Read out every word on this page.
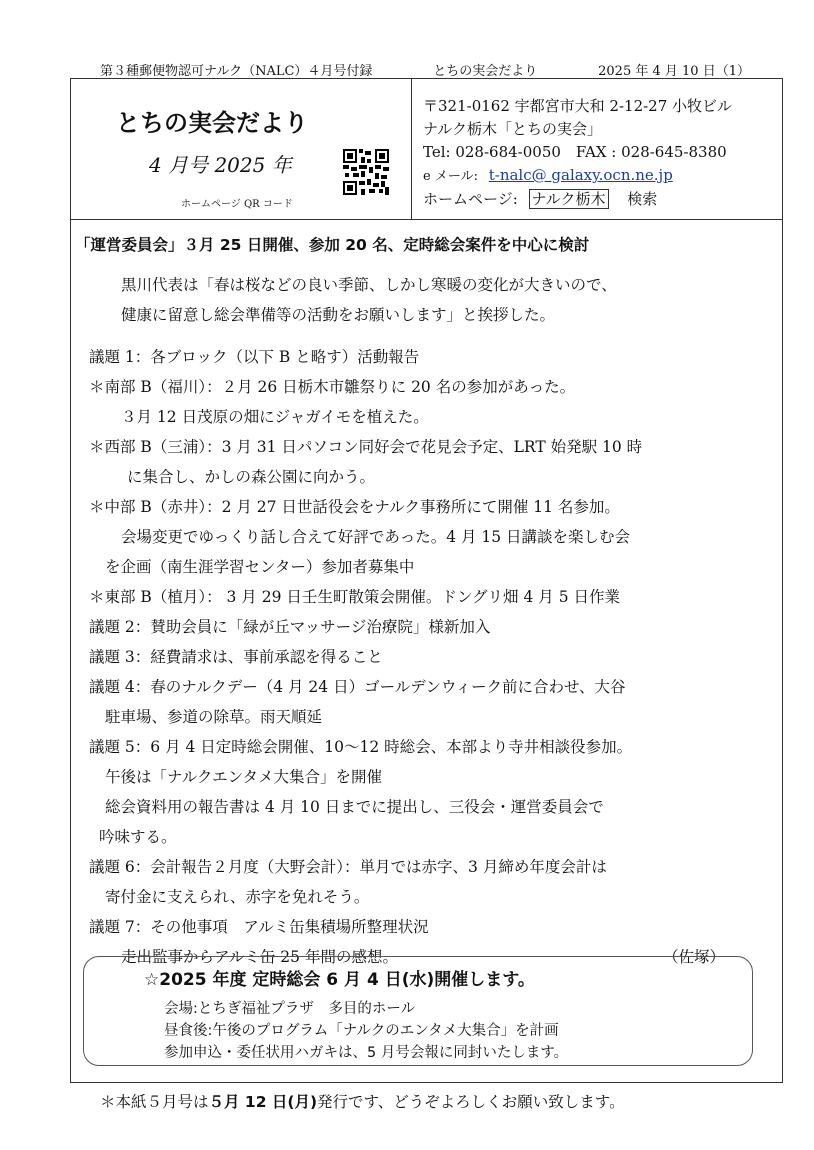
第３種郵便物認可ナルク（NALC）４月号付録	とちの実会だより	2025 年 4 月 10 日（1）
とちの実会だより
4 月号 2025 年
ホームページ QR コード
〒321-0162 宇都宮市大和 2-12-27 小牧ビル
ナルク栃木「とちの実会」
Tel: 028-684-0050　FAX : 028-645-8380
e メール: t-nalc@ galaxy.ocn.ne.jp
ホームページ: ナルク栃木 検索
「運営委員会」３月 25 日開催、参加 20 名、定時総会案件を中心に検討
黒川代表は「春は桜などの良い季節、しかし寒暖の変化が大きいので、
健康に留意し総会準備等の活動をお願いします」と挨拶した。
議題 1：各ブロック（以下 B と略す）活動報告
＊南部 B（福川）：２月 26 日栃木市雛祭りに 20 名の参加があった。
３月 12 日茂原の畑にジャガイモを植えた。
＊西部 B（三浦）：3 月 31 日パソコン同好会で花見会予定、LRT 始発駅 10 時
に集合し、かしの森公園に向かう。
＊中部 B（赤井）：2 月 27 日世話役会をナルク事務所にて開催 11 名参加。
会場変更でゆっくり話し合えて好評であった。4 月 15 日講談を楽しむ会
を企画（南生涯学習センター）参加者募集中
＊東部 B（植月）： 3 月 29 日壬生町散策会開催。ドングリ畑 4 月 5 日作業
議題 2：賛助会員に「緑が丘マッサージ治療院」様新加入
議題 3：経費請求は、事前承認を得ること
議題 4：春のナルクデー（4 月 24 日）ゴールデンウィーク前に合わせ、大谷
駐車場、参道の除草。雨天順延
議題 5：6 月 4 日定時総会開催、10〜12 時総会、本部より寺井相談役参加。
午後は「ナルクエンタメ大集合」を開催
総会資料用の報告書は 4 月 10 日までに提出し、三役会・運営委員会で
吟味する。
議題 6：会計報告２月度（大野会計）：単月では赤字、3 月締め年度会計は
寄付金に支えられ、赤字を免れそう。
議題 7：その他事項　アルミ缶集積場所整理状況
走出監事からアルミ缶 25 年間の感想。	（佐塚）
☆2025 年度 定時総会 6 月 4 日(水)開催します。
会場:とちぎ福祉プラザ　多目的ホール
昼食後:午後のプログラム「ナルクのエンタメ大集合」を計画
参加申込・委任状用ハガキは、5 月号会報に同封いたします。
＊本紙５月号は５月 12 日(月)発行です、どうぞよろしくお願い致します。
